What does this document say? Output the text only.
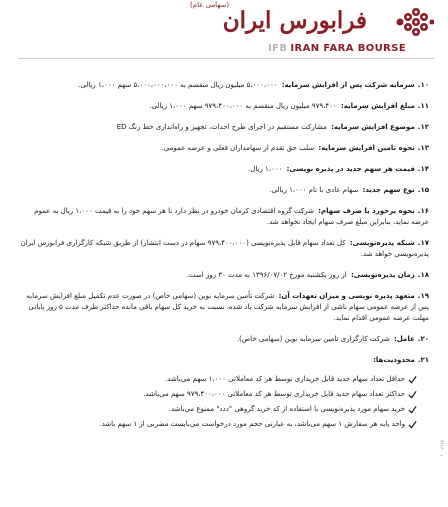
(سهامی عام)
فرابورس ایران
IFB IRAN FARA BOURSE
۱۰.سرمایه شرکت پس از افزایش سرمایه: ۵،۰۰۰،۰۰۰ میلیون ریال منقسم به ۵،۰۰۰،۰۰۰،۰۰۰ سهم ۱،۰۰۰ ریالی.
۱۱.مبلغ افزایش سرمایه: ۹۷۹،۴۰۰ میلیون ریال منقسم به ۹۷۹،۴۰۰،۰۰۰ سهم ۱،۰۰۰ ریالی.
۱۲.موضوع افزایش سرمایه: مشارکت مستقیم در اجرای طرح احداث، تجهیز و راه‌اندازی خط رنگ ED
۱۳.نحوه تامین افزایش سرمایه: سلب حق تقدم از سهامداران فعلی و عرضه عمومی.
۱۴.قیمت هر سهم جدید در پذیره نویسی: ۱،۰۰۰ ریال.
۱۵.نوع سهم جدید: سهام عادی با نام ۱،۰۰۰ ریالی.
۱۶.نحوه برخورد با صرف سهام: شرکت گروه اقتصادی کرمان خودرو در نظر دارد تا هر سهم خود را به قیمت ۱،۰۰۰ ریال به عموم عرضه نماید، بنابراین مبلغ صرف سهام ایجاد نخواهد شد.
۱۷.شبکه پذیره‌نویسی: کل تعداد سهام قابل پذیره‌نویسی (۹۷۹،۴۰۰،۰۰۰ سهام در دست انتشار) از طریق شبکه کارگزاری فرابورس ایران پذیره‌نویسی خواهد شد.
۱۸.زمان پذیره‌نویسی: از روز یکشنبه مورخ ۱۳۹۶/۰۷/۰۲ به مدت ۳۰ روز است.
۱۹.متعهد پذیره نویسی و میزان تعهدات آن: شرکت تأمین سرمایه نوین (سهامی خاص) در صورت عدم تکمیل مبلغ افزایش سرمایه پس از عرضه عمومی سهام ناشی از افزایش سرمایه شرکت یاد شده، نسبت به خرید کل سهام باقی مانده حداکثر ظرف مدت ۵ روز پایانی مهلت عرضه عمومی اقدام نماید.
۲۰.عامل: شرکت کارگزاری تامین سرمایه نوین (سهامی خاص).
۲۱.محدودیت‌ها:
حداقل تعداد سهام جدید قابل خریداری توسط هر کد معاملاتی ۱،۰۰۰ سهم می‌باشد.
حداکثر تعداد سهام جدید قابل خریداری توسط هر کد معاملاتی ۹۷۹،۴۰۰،۰۰۰ سهم می‌باشد.
خرید سهام مورد پذیره‌نویسی با استفاده از کد خرید گروهی "ددد" ممنوع می‌باشد.
واحد پایه هر سفارش ۱ سهم می‌باشد، به عبارتی حجم مورد درخواست می‌بایست مضربی از ۱ سهم باشد.
۳/۱۳۰ ۱۰
